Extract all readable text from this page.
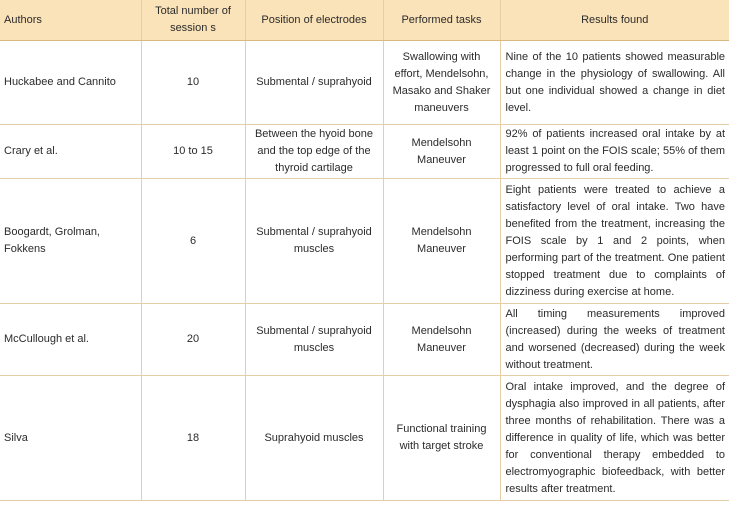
Authors	Total number of session s	Position of electrodes	Performed tasks	Results found
Huckabee and Cannito	10	Submental / suprahyoid	Swallowing with effort, Mendelsohn, Masako and Shaker maneuvers	Nine of the 10 patients showed measurable change in the physiology of swallowing. All but one individual showed a change in diet level.
Crary et al.	10 to 15	Between the hyoid bone and the top edge of the thyroid cartilage	Mendelsohn Maneuver	92% of patients increased oral intake by at least 1 point on the FOIS scale; 55% of them progressed to full oral feeding.
Boogardt, Grolman, Fokkens	6	Submental / suprahyoid muscles	Mendelsohn Maneuver	Eight patients were treated to achieve a satisfactory level of oral intake. Two have benefited from the treatment, increasing the FOIS scale by 1 and 2 points, when performing part of the treatment. One patient stopped treatment due to complaints of dizziness during exercise at home.
McCullough et al.	20	Submental / suprahyoid muscles	Mendelsohn Maneuver	All timing measurements improved (increased) during the weeks of treatment and worsened (decreased) during the week without treatment.
Silva	18	Suprahyoid muscles	Functional training with target stroke	Oral intake improved, and the degree of dysphagia also improved in all patients, after three months of rehabilitation. There was a difference in quality of life, which was better for conventional therapy embedded to electromyographic biofeedback, with better results after treatment.
